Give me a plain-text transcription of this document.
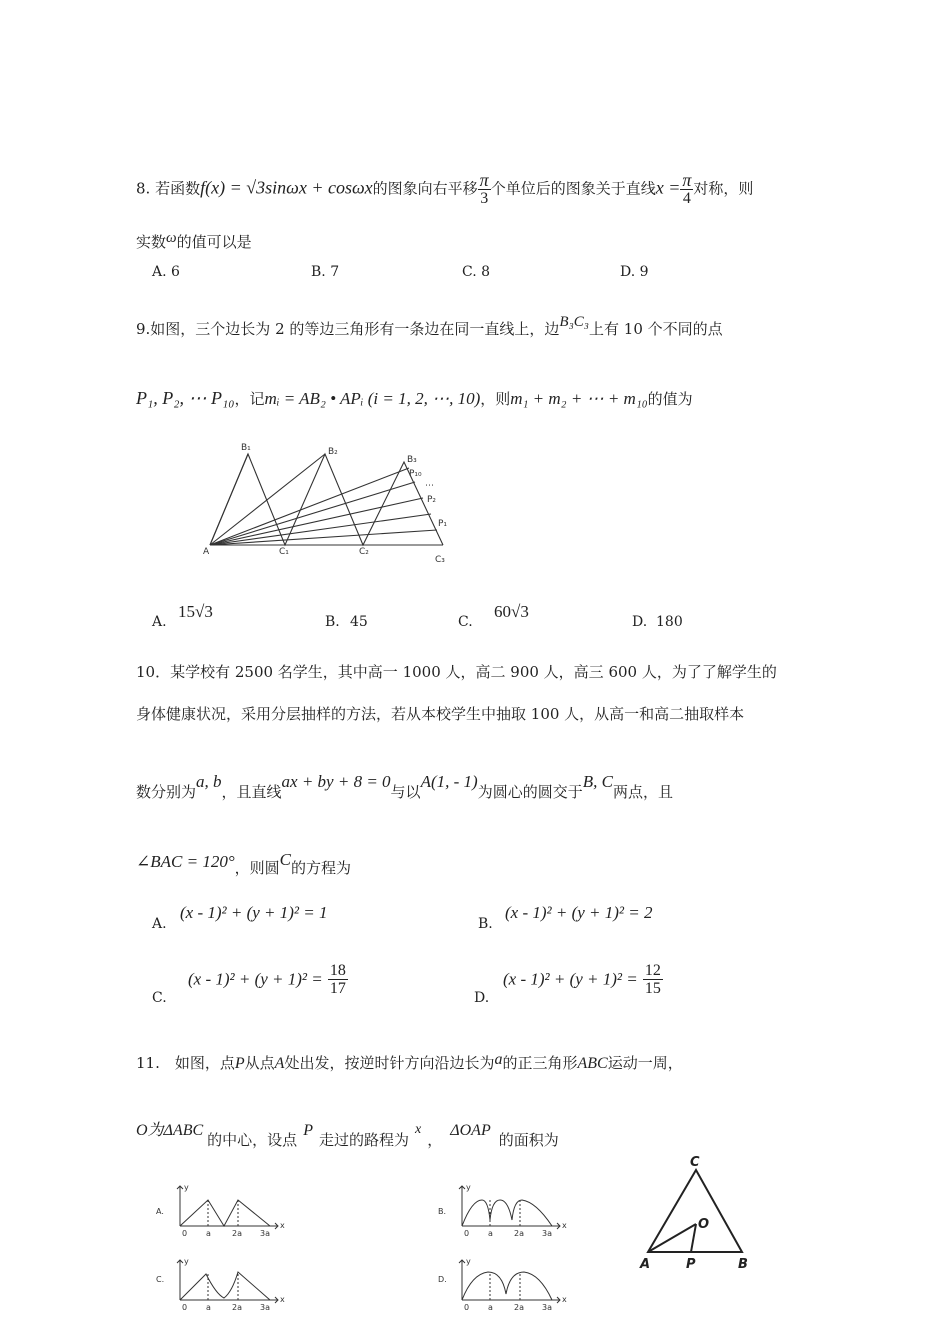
8. 若函数f(x) = √3sinωx + cosωx的图象向右平移 $\frac{\pi}{3}$ 个单位后的图象关于直线$x = \frac{\pi}{4}$ 对称，则
实数ω的值可以是
A. 6	B. 7	C. 8	D. 9
9.如图，三个边长为 2 的等边三角形有一条边在同一直线上，边B₃C₃上有 10 个不同的点
P₁, P₂, ⋯ P₁₀，记mᵢ = AB₂ • APᵢ (i = 1, 2, ⋯, 10)，则m₁ + m₂ + ⋯ + m₁₀的值为
A
B₁	B₂
B₃
P₁₀
⋯
P₂
P₁
C₁	C₂
C₃
A.
15√3
B. 45	C.
60√3
D. 180
10．某学校有 2500 名学生，其中高一 1000 人，高二 900 人，高三 600 人，为了了解学生的
身体健康状况，采用分层抽样的方法，若从本校学生中抽取 100 人，从高一和高二抽取样本
数分别为a, b，且直线ax + by + 8 = 0与以A(1, - 1)为圆心的圆交于B, C两点，且
∠BAC = 120°，则圆C的方程为
A.
(x - 1)² + (y + 1)² = 1
B.
(x - 1)² + (y + 1)² = 2
C.
$(x - 1)^2 + (y + 1)^2 = \frac{18}{17}$
D.
$(x - 1)^2 + (y + 1)^2 = \frac{12}{15}$
11.　如图，点P从点A处出发，按逆时针方向沿边长为a的正三角形ABC运动一周，
O为ΔABC的中心，设点P走过的路程为x，ΔOAP的面积为
A.
y
x
0 a	2a 3a
B.
y
x
0 a	2a 3a
C.
y
x
0 a	2a 3a
D.
y
x
0 a	2a 3a
C
O
A	P	B
